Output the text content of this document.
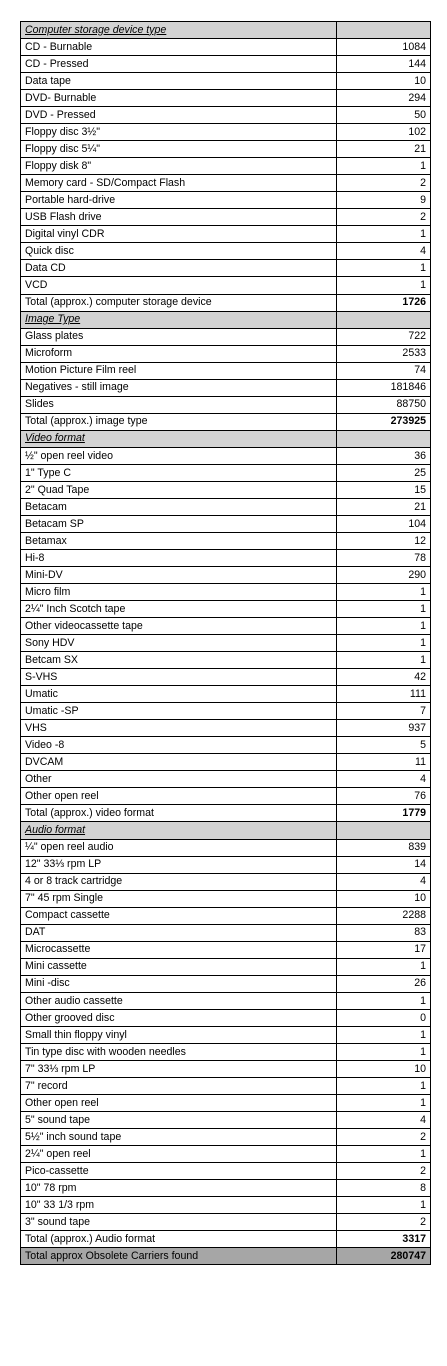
Computer storage device type	
CD - Burnable	1084
CD - Pressed	144
Data tape	10
DVD- Burnable	294
DVD - Pressed	50
Floppy disc 3½"	102
Floppy disc 5¼"	21
Floppy disk 8"	1
Memory card - SD/Compact Flash	2
Portable hard-drive	9
USB Flash drive	2
Digital vinyl CDR	1
Quick disc	4
Data CD	1
VCD	1
Total (approx.) computer storage device	1726
Image Type	
Glass plates	722
Microform	2533
Motion Picture Film reel	74
Negatives - still image	181846
Slides	88750
Total (approx.) image type	273925
Video format	
½" open reel video	36
1" Type C	25
2" Quad Tape	15
Betacam	21
Betacam SP	104
Betamax	12
Hi-8	78
Mini-DV	290
Micro film	1
2¼" Inch Scotch tape	1
Other videocassette tape	1
Sony HDV	1
Betcam SX	1
S-VHS	42
Umatic	111
Umatic -SP	7
VHS	937
Video -8	5
DVCAM	11
Other	4
Other open reel	76
Total (approx.) video format	1779
Audio format	
¼" open reel audio	839
12" 33⅓ rpm LP	14
4 or 8 track cartridge	4
7" 45 rpm Single	10
Compact cassette	2288
DAT	83
Microcassette	17
Mini cassette	1
Mini -disc	26
Other audio cassette	1
Other grooved disc	0
Small thin floppy vinyl	1
Tin type disc with wooden needles	1
7" 33⅓ rpm LP	10
7" record	1
Other open reel	1
5" sound tape	4
5½" inch sound tape	2
2¼" open reel	1
Pico-cassette	2
10" 78 rpm	8
10" 33 1/3 rpm	1
3" sound tape	2
Total (approx.) Audio format	3317
Total approx Obsolete Carriers found	280747
